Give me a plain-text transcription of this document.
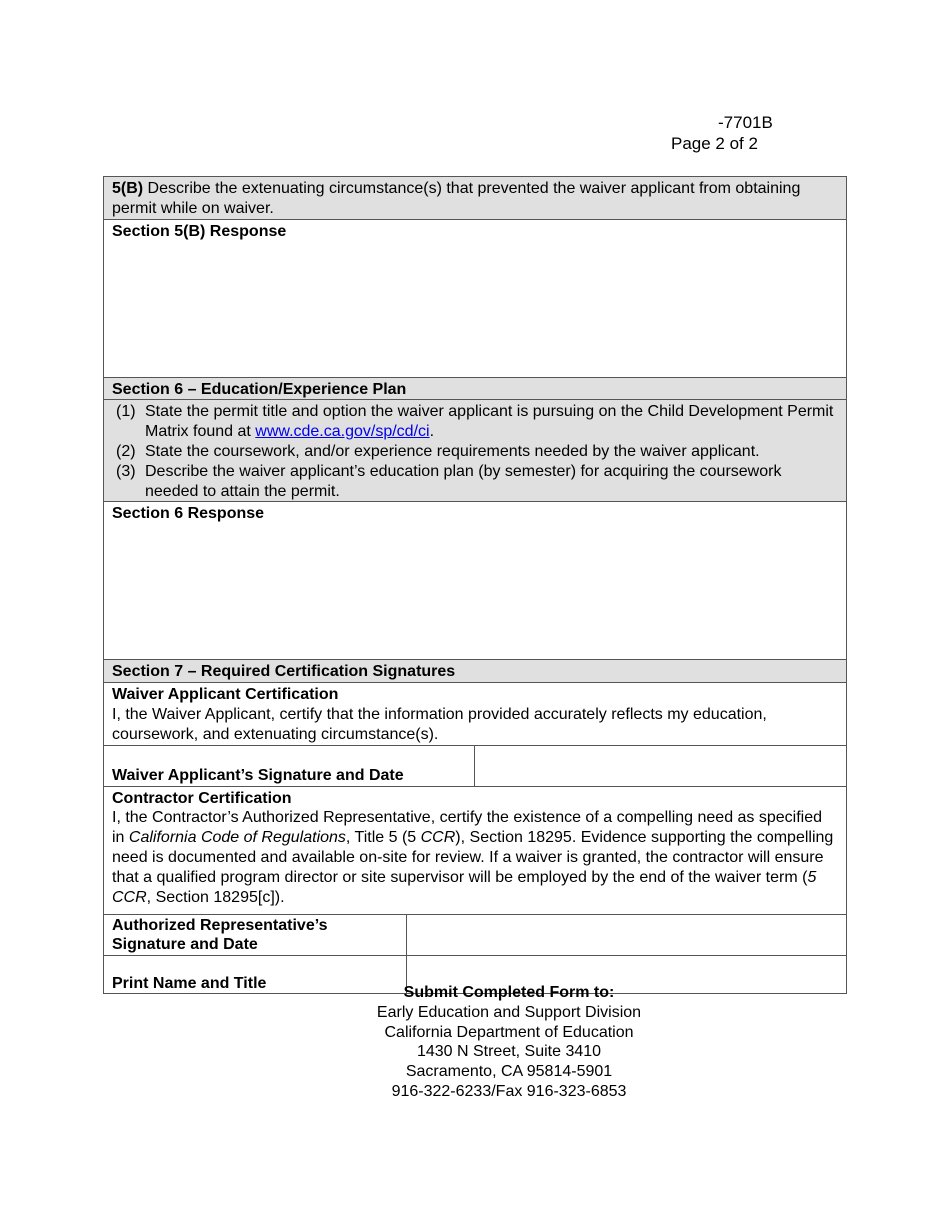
-7701B
Page 2 of 2
5(B) Describe the extenuating circumstance(s) that prevented the waiver applicant from obtaining permit while on waiver.
Section 5(B) Response
Section 6 – Education/Experience Plan
(1) State the permit title and option the waiver applicant is pursuing on the Child Development Permit Matrix found at www.cde.ca.gov/sp/cd/ci.
(2) State the coursework, and/or experience requirements needed by the waiver applicant.
(3) Describe the waiver applicant’s education plan (by semester) for acquiring the coursework needed to attain the permit.
Section 6 Response
Section 7 – Required Certification Signatures
Waiver Applicant Certification
I, the Waiver Applicant, certify that the information provided accurately reflects my education, coursework, and extenuating circumstance(s).
Waiver Applicant’s Signature and Date
Contractor Certification
I, the Contractor’s Authorized Representative, certify the existence of a compelling need as specified in California Code of Regulations, Title 5 (5 CCR), Section 18295. Evidence supporting the compelling need is documented and available on-site for review. If a waiver is granted, the contractor will ensure that a qualified program director or site supervisor will be employed by the end of the waiver term (5 CCR, Section 18295[c]).
Authorized Representative’s
Signature and Date
Print Name and Title
Submit Completed Form to:
Early Education and Support Division
California Department of Education
1430 N Street, Suite 3410
Sacramento, CA 95814-5901
916-322-6233/Fax 916-323-6853
